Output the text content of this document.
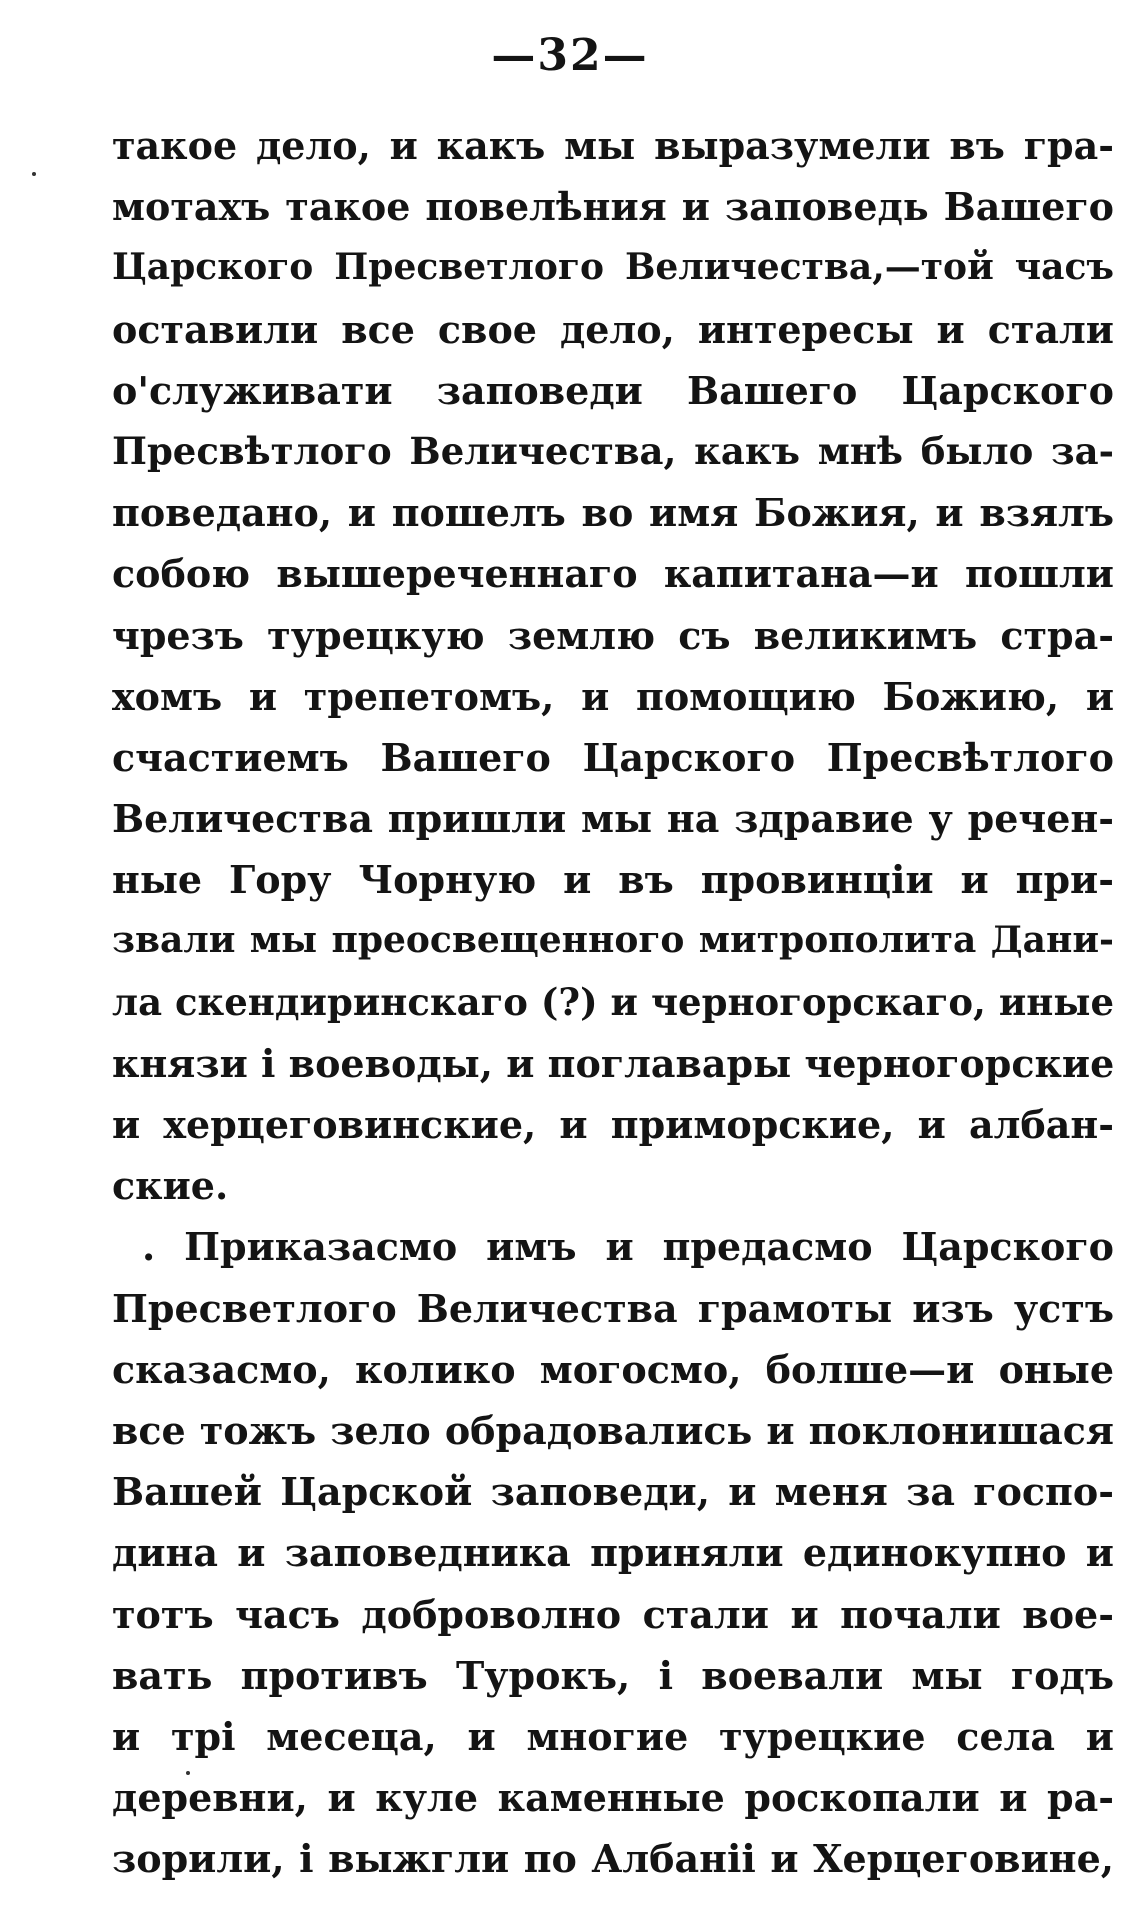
—32—
такое дело, и какъ мы выразумели въ гра-
мотахъ такое повелѣния и заповедь Вашего
Царского Пресветлого Величества,—той часъ
оставили все свое дело, интересы и стали
о'служивати заповеди Вашего Царского
Пресвѣтлого Величества, какъ мнѣ было за-
поведано, и пошелъ во имя Божия, и взялъ
собою вышереченнаго капитана—и пошли
чрезъ турецкую землю съ великимъ стра-
хомъ и трепетомъ, и помощию Божию, и
счастиемъ Вашего Царского Пресвѣтлого
Величества пришли мы на здравие у речен-
ные Гору Чорную и въ провинціи и при-
звали мы преосвещенного митрополита Дани-
ла скендиринскаго (?) и черногорскаго, иные
князи і воеводы, и поглавары черногорские
и херцеговинские, и приморские, и албан-
ские.
. Приказасмо имъ и предасмо Царского
Пресветлого Величества грамоты изъ устъ
сказасмо, колико могосмо, болше—и оные
все тожъ зело обрадовались и поклонишася
Вашей Царской заповеди, и меня за госпо-
дина и заповедника приняли единокупно и
тотъ часъ доброволно стали и почали вое-
вать противъ Турокъ, і воевали мы годъ
и трі месеца, и многие турецкие села и
деревни, и куле каменные роскопали и ра-
зорили, і выжгли по Албаніі и Херцеговине,
